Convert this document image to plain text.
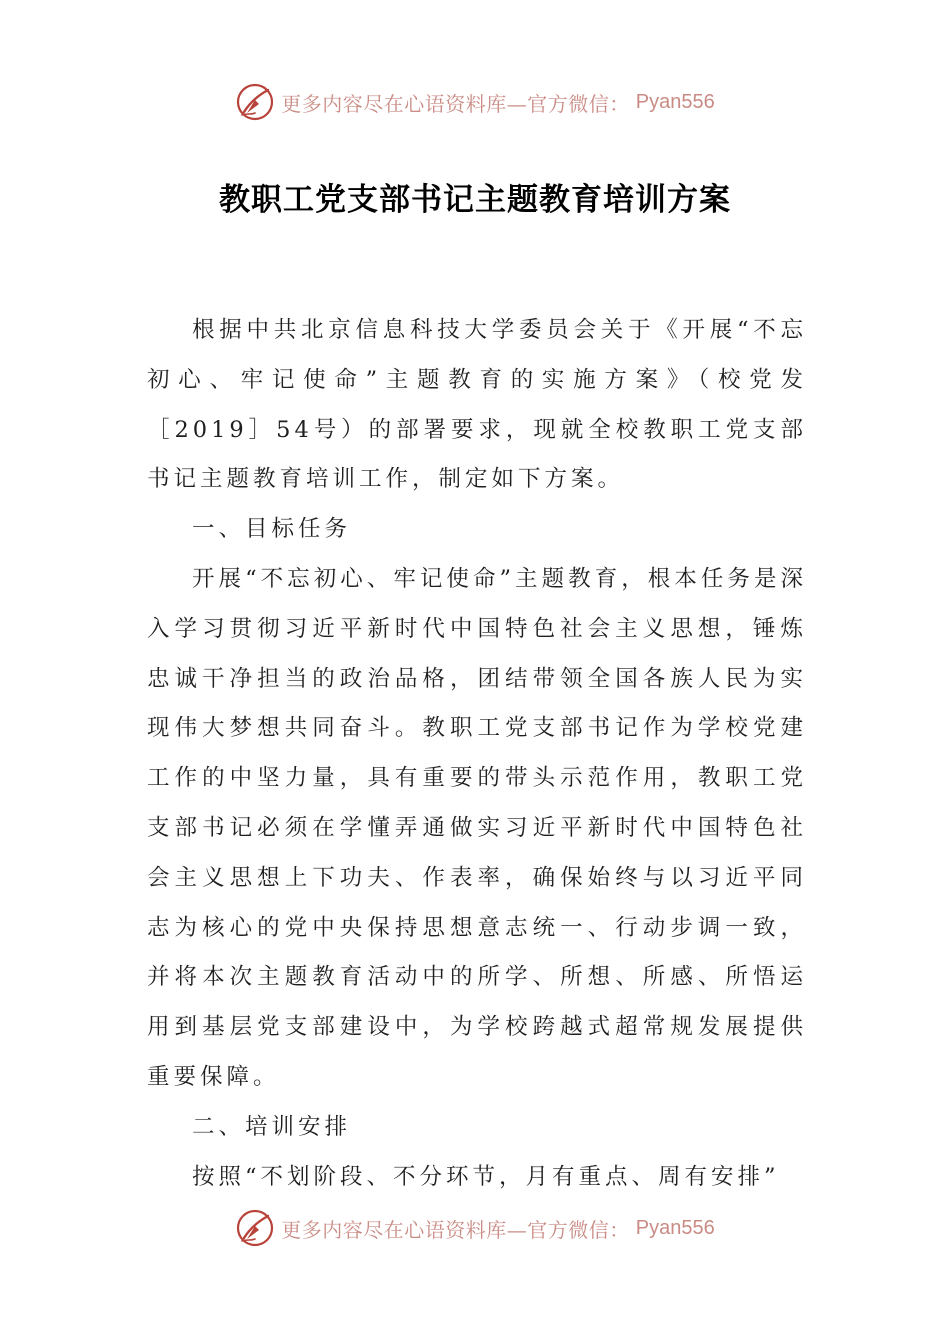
更多内容尽在心语资料库—官方微信： Pyan556
教职工党支部书记主题教育培训方案

根据中共北京信息科技大学委员会关于《开展“不忘初心、牢记使命”主题教育的实施方案》（校党发［2019］54号）的部署要求，现就全校教职工党支部书记主题教育培训工作，制定如下方案。

一、目标任务

开展“不忘初心、牢记使命”主题教育，根本任务是深入学习贯彻习近平新时代中国特色社会主义思想，锤炼忠诚干净担当的政治品格，团结带领全国各族人民为实现伟大梦想共同奋斗。教职工党支部书记作为学校党建工作的中坚力量，具有重要的带头示范作用，教职工党支部书记必须在学懂弄通做实习近平新时代中国特色社会主义思想上下功夫、作表率，确保始终与以习近平同志为核心的党中央保持思想意志统一、行动步调一致，并将本次主题教育活动中的所学、所想、所感、所悟运用到基层党支部建设中，为学校跨越式超常规发展提供重要保障。

二、培训安排

按照“不划阶段、不分环节，月有重点、周有安排”

更多内容尽在心语资料库—官方微信： Pyan556
